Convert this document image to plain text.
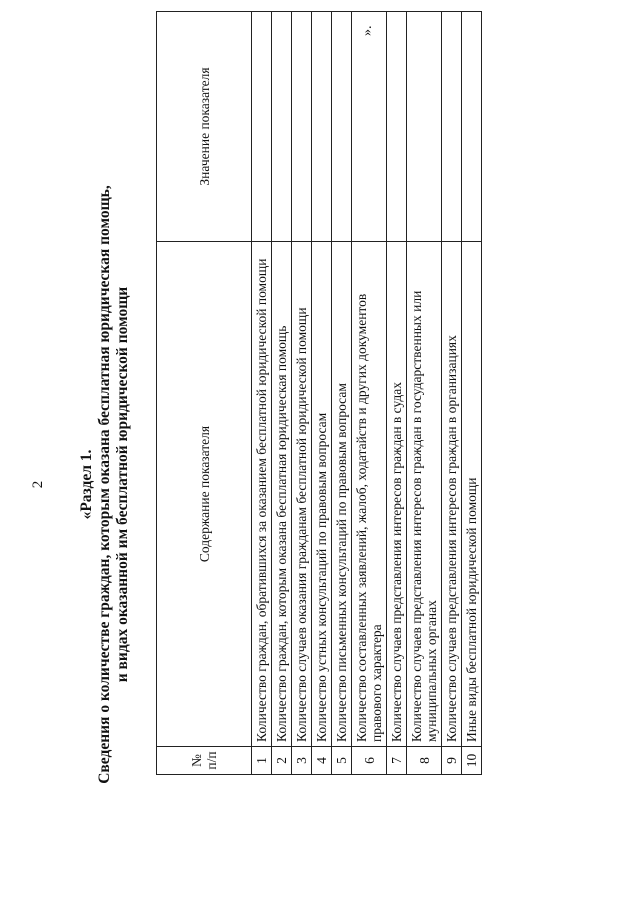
2 «Раздел 1. Сведения о количестве граждан, которым оказана бесплатная юридическая помощь, и видах оказанной им бесплатной юридической помощи
».
№ п/п	Содержание показателя	Значение показателя
1	Количество граждан, обратившихся за оказанием бесплатной юридической помощи	
2	Количество граждан, которым оказана бесплатная юридическая помощь	
3	Количество случаев оказания гражданам бесплатной юридической помощи	
4	Количество устных консультаций по правовым вопросам	
5	Количество письменных консультаций по правовым вопросам	
6	Количество составленных заявлений, жалоб, ходатайств и других документов правового характера	
7	Количество случаев представления интересов граждан в судах	
8	Количество случаев представления интересов граждан в государственных или муниципальных органах	
9	Количество случаев представления интересов граждан в организациях	
10	Иные виды бесплатной юридической помощи	
